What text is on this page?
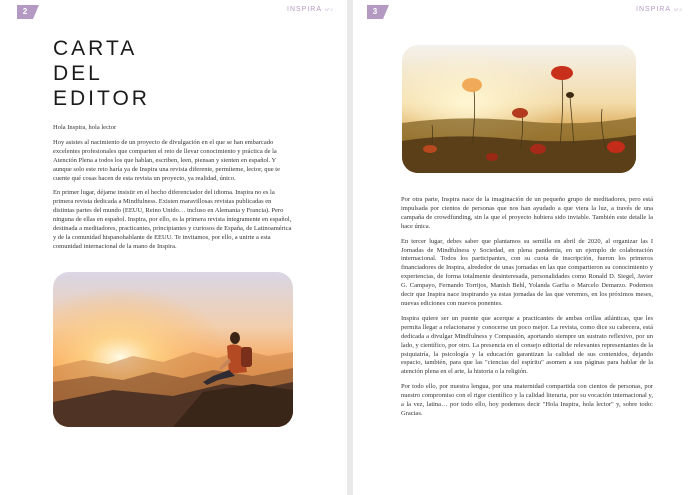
2	INSPIRA Nº 2
CARTA
DEL
EDITOR

Hola Inspira, hola lector

Hoy asistes al nacimiento de un proyecto de divulgación en el que se han embarcado excelentes profesionales que comparten el reto de llevar conocimiento y práctica de la Atención Plena a todos los que hablan, escriben, leen, piensan y sienten en español. Y aunque solo este reto haría ya de Inspira una revista diferente, permíteme, lector, que te cuente qué cosas hacen de esta revista un proyecto, ya realidad, único.

En primer lugar, déjame insistir en el hecho diferenciador del idioma. Inspira no es la primera revista dedicada a Mindfulness. Existen maravillosas revistas publicadas en distintas partes del mundo (EEUU, Reino Unido… incluso en Alemania y Francia). Pero ninguna de ellas en español. Inspira, por ello, es la primera revista íntegramente en español, destinada a meditadores, practicantes, principiantes y curiosos de España, de Latinoamérica y de la comunidad hispanohablante de EEUU. Te invitamos, por ello, a unirte a esta comunidad internacional de la mano de Inspira.

3	INSPIRA Nº 2

Por otra parte, Inspira nace de la imaginación de un pequeño grupo de meditadores, pero está impulsada por cientos de personas que nos han ayudado a que viera la luz, a través de una campaña de crowdfunding, sin la que el proyecto hubiera sido inviable. También este detalle la hace única.

En tercer lugar, debes saber que plantamos su semilla en abril de 2020, al organizar las I Jornadas de Mindfulness y Sociedad, en plena pandemia, en un ejemplo de colaboración internacional. Todos los participantes, con su cuota de inscripción, fueron los primeros financiadores de Inspira, alrededor de unas jornadas en las que compartieron su conocimiento y experiencias, de forma totalmente desinteresada, personalidades como Ronald D. Siegel, Javier G. Campayo, Fernando Torrijos, Manish Behl, Yolanda Garfia o Marcelo Demarzo. Podemos decir que Inspira nace inspirando ya estas jornadas de las que veremos, en los próximos meses, nuevas ediciones con nuevos ponentes.

Inspira quiere ser un puente que acerque a practicantes de ambas orillas atlánticas, que les permita llegar a relacionarse y conocerse un poco mejor. La revista, como dice su cabecera, está dedicada a divulgar Mindfulness y Compasión, aportando siempre un sustrato reflexivo, por un lado, y científico, por otro. La presencia en el consejo editorial de relevantes representantes de la psiquiatría, la psicología y la educación garantizan la calidad de sus contenidos, dejando espacio, también, para que las "ciencias del espíritu" asomen a sus páginas para hablar de la atención plena en el arte, la historia o la religión.

Por todo ello, por nuestra lengua, por una maternidad compartida con cientos de personas, por nuestro compromiso con el rigor científico y la calidad literaria, por su vocación internacional y, a la vez, latina… por todo ello, hoy podemos decir "Hola Inspira, hola lector" y, sobre todo: Gracias.
